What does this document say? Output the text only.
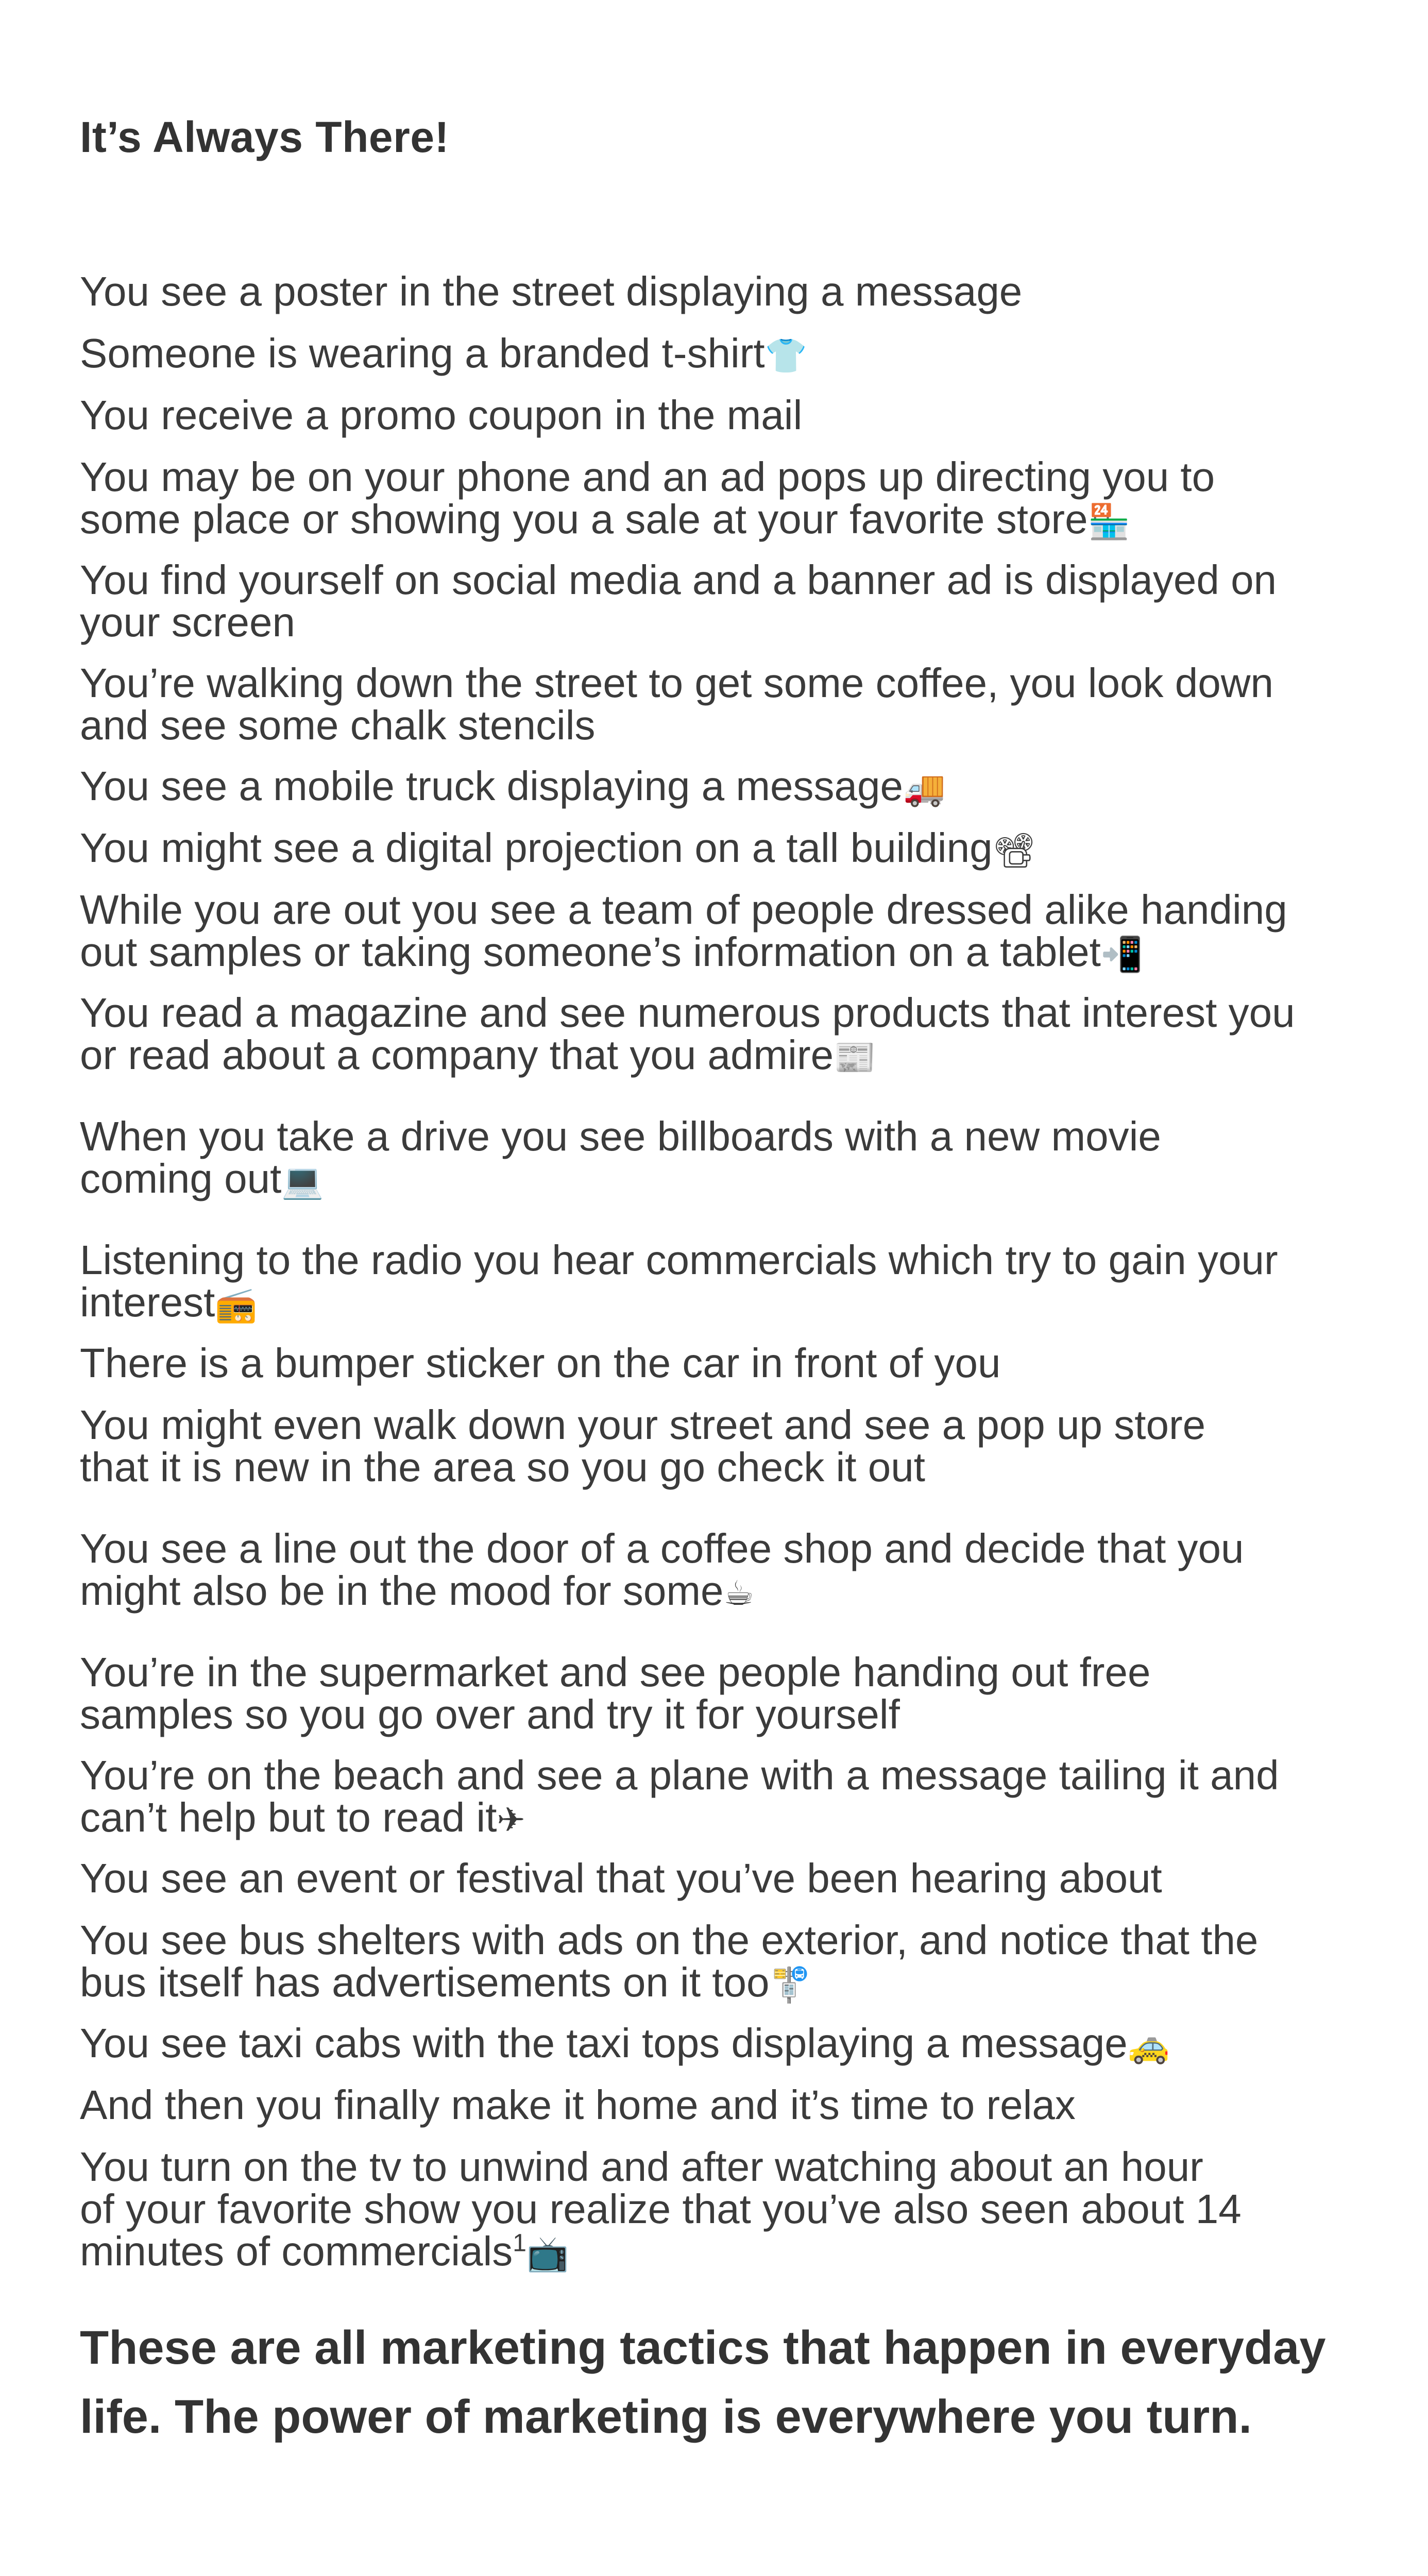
It’s Always There!

You see a poster in the street displaying a message

Someone is wearing a branded t-shirt👕

You receive a promo coupon in the mail

You may be on your phone and an ad pops up directing you to
some place or showing you a sale at your favorite store🏪

You find yourself on social media and a banner ad is displayed on
your screen

You’re walking down the street to get some coffee, you look down
and see some chalk stencils

You see a mobile truck displaying a message🚚

You might see a digital projection on a tall building📽

While you are out you see a team of people dressed alike handing
out samples or taking someone’s information on a tablet📲

You read a magazine and see numerous products that interest you
or read about a company that you admire📰

When you take a drive you see billboards with a new movie
coming out💻

Listening to the radio you hear commercials which try to gain your
interest📻

There is a bumper sticker on the car in front of you

You might even walk down your street and see a pop up store
that it is new in the area so you go check it out

You see a line out the door of a coffee shop and decide that you
might also be in the mood for some☕

You’re in the supermarket and see people handing out free
samples so you go over and try it for yourself

You’re on the beach and see a plane with a message tailing it and
can’t help but to read it✈

You see an event or festival that you’ve been hearing about

You see bus shelters with ads on the exterior, and notice that the
bus itself has advertisements on it too🚏

You see taxi cabs with the taxi tops displaying a message🚕

And then you finally make it home and it’s time to relax

You turn on the tv to unwind and after watching about an hour
of your favorite show you realize that you’ve also seen about 14
minutes of commercials$^1$📺

These are all marketing tactics that happen in everyday life. The power of marketing is everywhere you turn.
